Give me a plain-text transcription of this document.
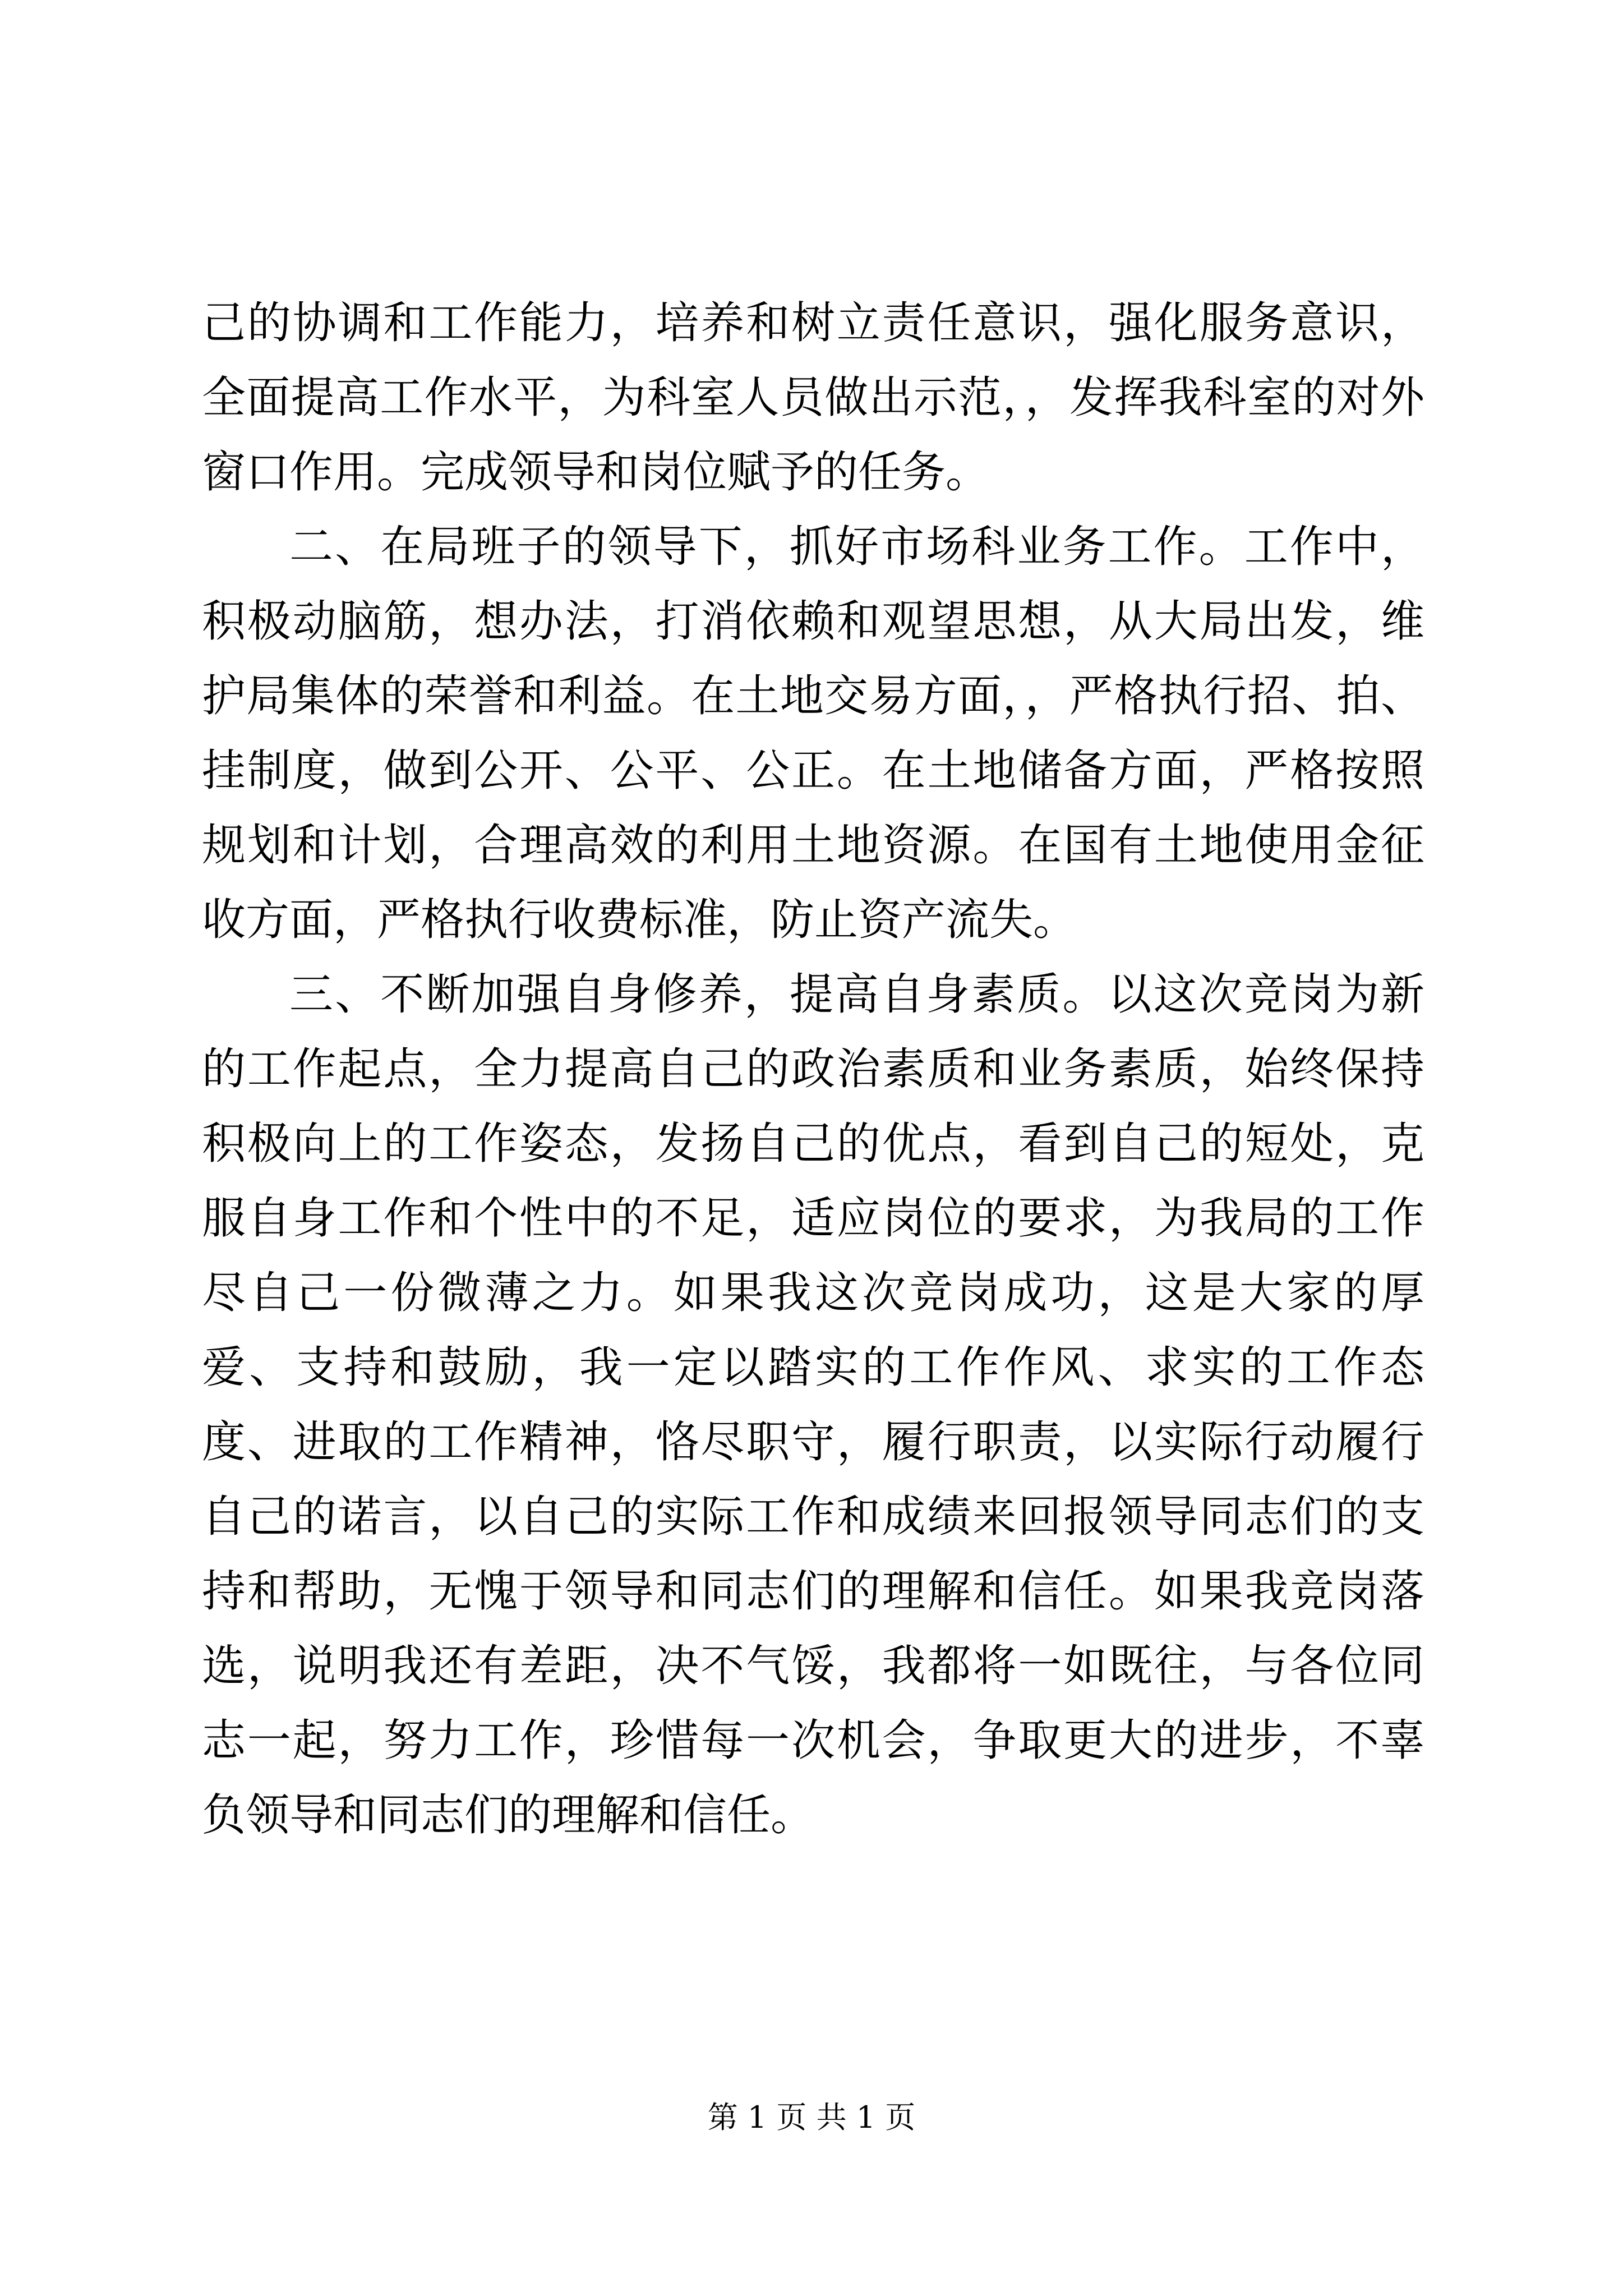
己的协调和工作能力，培养和树立责任意识，强化服务意识，全面提高工作水平，为科室人员做出示范，，发挥我科室的对外窗口作用。完成领导和岗位赋予的任务。

二、在局班子的领导下，抓好市场科业务工作。工作中，积极动脑筋，想办法，打消依赖和观望思想，从大局出发，维护局集体的荣誉和利益。在土地交易方面，，严格执行招、拍、挂制度，做到公开、公平、公正。在土地储备方面，严格按照规划和计划，合理高效的利用土地资源。在国有土地使用金征收方面，严格执行收费标准，防止资产流失。

三、不断加强自身修养，提高自身素质。以这次竞岗为新的工作起点，全力提高自己的政治素质和业务素质，始终保持积极向上的工作姿态，发扬自己的优点，看到自己的短处，克服自身工作和个性中的不足，适应岗位的要求，为我局的工作尽自己一份微薄之力。如果我这次竞岗成功，这是大家的厚爱、支持和鼓励，我一定以踏实的工作作风、求实的工作态度、进取的工作精神，恪尽职守，履行职责，以实际行动履行自己的诺言，以自己的实际工作和成绩来回报领导同志们的支持和帮助，无愧于领导和同志们的理解和信任。如果我竞岗落选，说明我还有差距，决不气馁，我都将一如既往，与各位同志一起，努力工作，珍惜每一次机会，争取更大的进步，不辜负领导和同志们的理解和信任。

第 1 页 共 1 页
